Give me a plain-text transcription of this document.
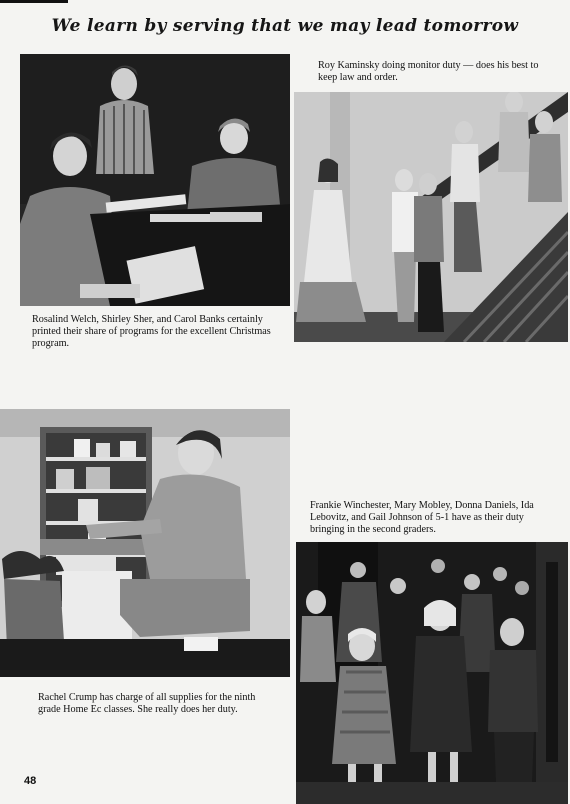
We learn by serving that we may lead tomorrow
Rosalind Welch, Shirley Sher, and Carol Banks certainly printed their share of programs for the excellent Christmas program.
Roy Kaminsky doing monitor duty — does his best to keep law and order.
Rachel Crump has charge of all supplies for the ninth grade Home Ec classes. She really does her duty.
Frankie Winchester, Mary Mobley, Donna Daniels, Ida Lebovitz, and Gail Johnson of 5-1 have as their duty bringing in the second graders.
48
